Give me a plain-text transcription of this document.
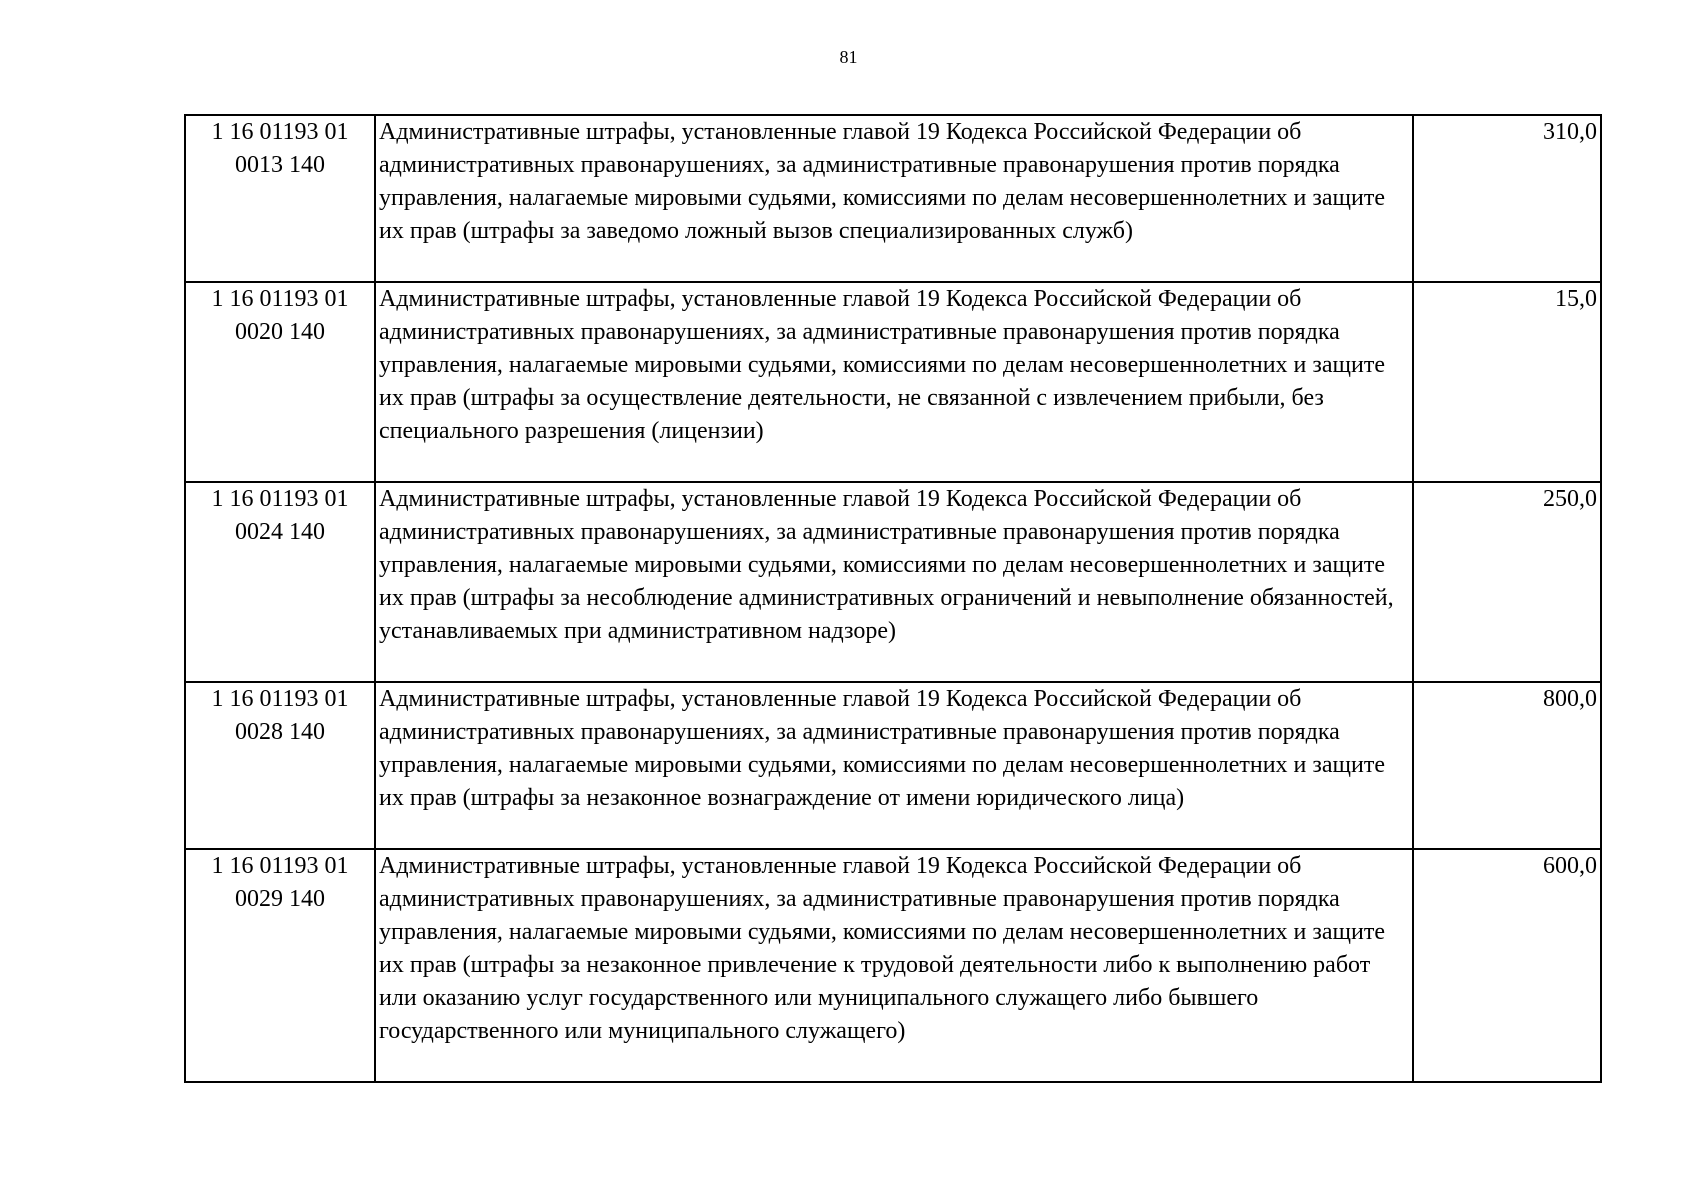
81
1 16 01193 01
0013 140	Административные штрафы, установленные главой 19 Кодекса Российской Федерации об административных правонарушениях, за административные правонарушения против порядка управления, налагаемые мировыми судьями, комиссиями по делам несовершеннолетних и защите их прав (штрафы за заведомо ложный вызов специализированных служб)	310,0

1 16 01193 01
0020 140	Административные штрафы, установленные главой 19 Кодекса Российской Федерации об административных правонарушениях, за административные правонарушения против порядка управления, налагаемые мировыми судьями, комиссиями по делам несовершеннолетних и защите их прав (штрафы за осуществление деятельности, не связанной с извлечением прибыли, без специального разрешения (лицензии)	15,0

1 16 01193 01
0024 140	Административные штрафы, установленные главой 19 Кодекса Российской Федерации об административных правонарушениях, за административные правонарушения против порядка управления, налагаемые мировыми судьями, комиссиями по делам несовершеннолетних и защите их прав (штрафы за несоблюдение административных ограничений и невыполнение обязанностей, устанавливаемых при административном надзоре)	250,0

1 16 01193 01
0028 140	Административные штрафы, установленные главой 19 Кодекса Российской Федерации об административных правонарушениях, за административные правонарушения против порядка управления, налагаемые мировыми судьями, комиссиями по делам несовершеннолетних и защите их прав (штрафы за незаконное вознаграждение от имени юридического лица)	800,0

1 16 01193 01
0029 140	Административные штрафы, установленные главой 19 Кодекса Российской Федерации об административных правонарушениях, за административные правонарушения против порядка управления, налагаемые мировыми судьями, комиссиями по делам несовершеннолетних и защите их прав (штрафы за незаконное привлечение к трудовой деятельности либо к выполнению работ или оказанию услуг государственного или муниципального служащего либо бывшего государственного или муниципального служащего)	600,0
